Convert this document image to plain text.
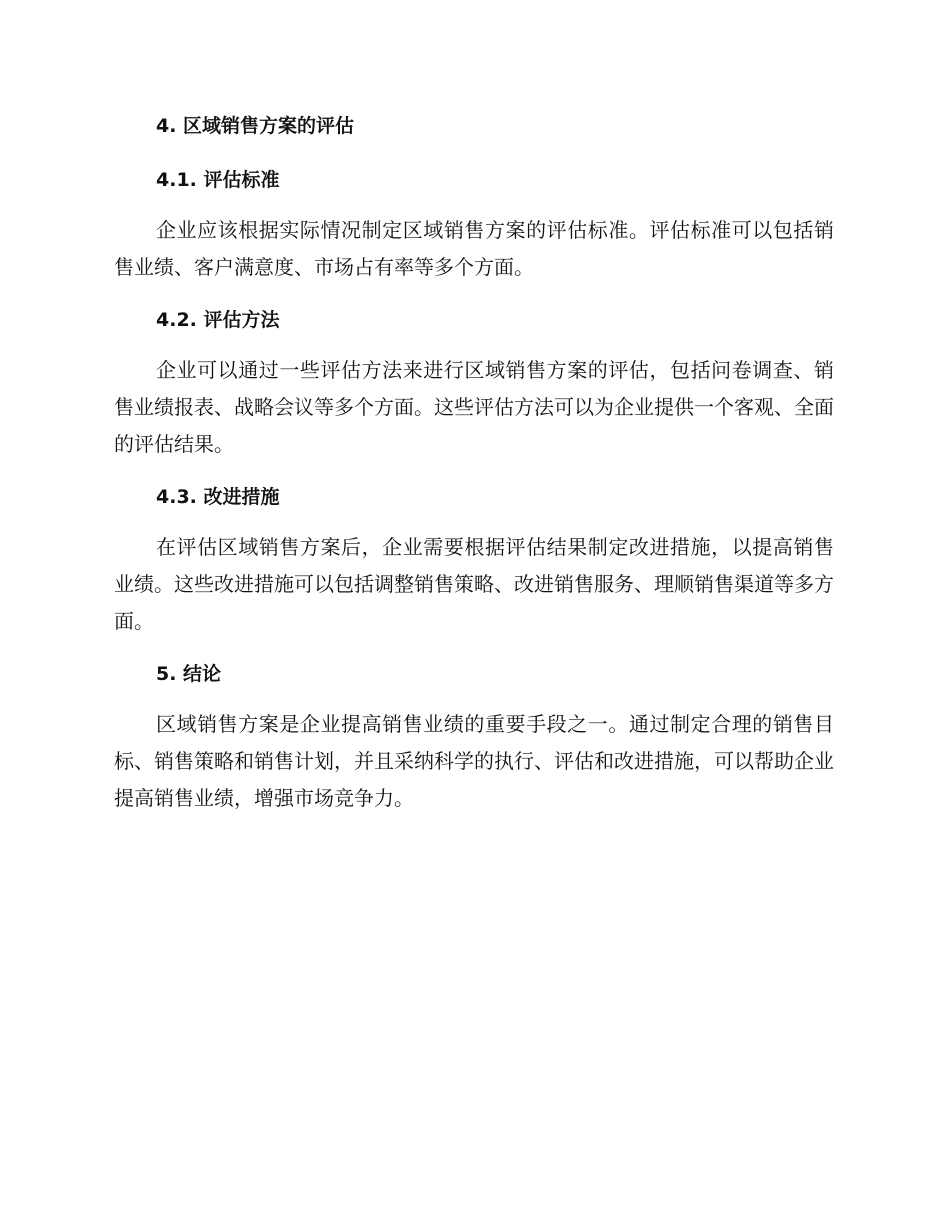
4. 区域销售方案的评估
4.1. 评估标准

企业应该根据实际情况制定区域销售方案的评估标准。评估标准可以包括销售业绩、客户满意度、市场占有率等多个方面。

4.2. 评估方法

企业可以通过一些评估方法来进行区域销售方案的评估，包括问卷调查、销售业绩报表、战略会议等多个方面。这些评估方法可以为企业提供一个客观、全面的评估结果。

4.3. 改进措施

在评估区域销售方案后，企业需要根据评估结果制定改进措施，以提高销售业绩。这些改进措施可以包括调整销售策略、改进销售服务、理顺销售渠道等多方面。

5. 结论

区域销售方案是企业提高销售业绩的重要手段之一。通过制定合理的销售目标、销售策略和销售计划，并且采纳科学的执行、评估和改进措施，可以帮助企业提高销售业绩，增强市场竞争力。
